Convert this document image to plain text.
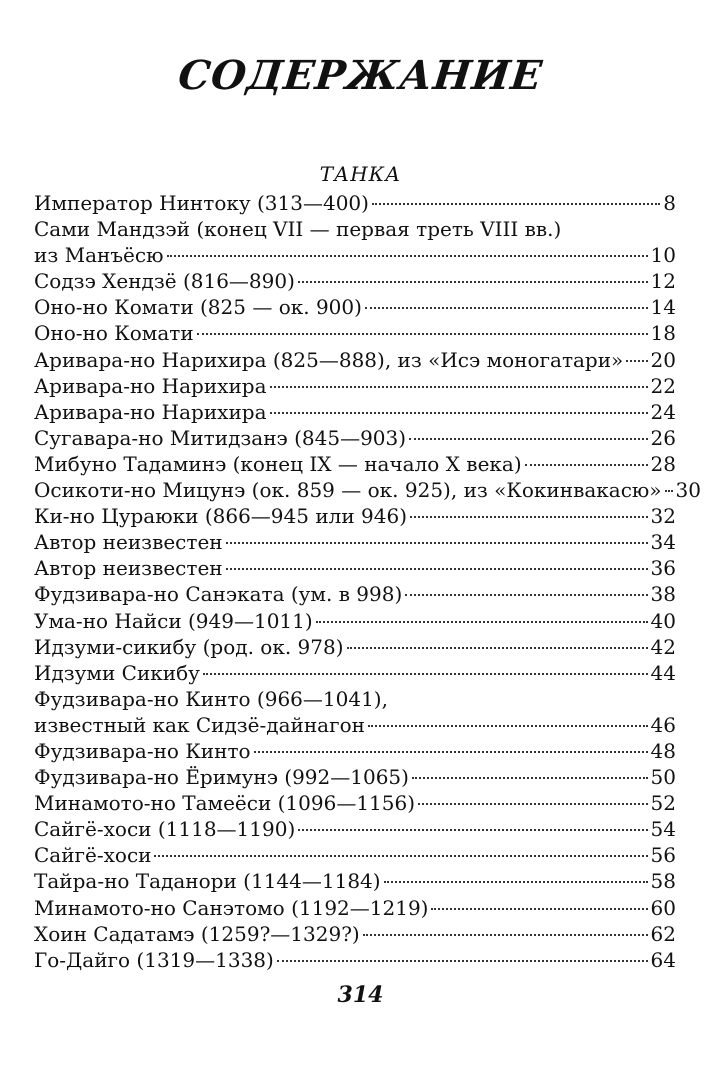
СОДЕРЖАНИЕ
ТАНКА
Император Нинтоку (313—400)	8
Сами Мандзэй (конец VII — первая треть VIII вв.)
из Манъёсю	10
Содзэ Хендзё (816—890)	12
Оно-но Комати (825 — ок. 900)	14
Оно-но Комати	18
Аривара-но Нарихира (825—888), из «Исэ моногатари» 20
Аривара-но Нарихира	22
Аривара-но Нарихира	24
Сугавара-но Митидзанэ (845—903)	26
Мибуно Тадаминэ (конец IX — начало X века)	28
Осикоти-но Мицунэ (ок. 859 — ок. 925), из «Кокинвакасю» 30
Ки-но Цураюки (866—945 или 946)	32
Автор неизвестен	34
Автор неизвестен	36
Фудзивара-но Санэката (ум. в 998)	38
Ума-но Найси (949—1011)	40
Идзуми-сикибу (род. ок. 978)	42
Идзуми Сикибу	44
Фудзивара-но Кинто (966—1041),
известный как Сидзё-дайнагон	46
Фудзивара-но Кинто	48
Фудзивара-но Ёримунэ (992—1065)	50
Минамото-но Тамеёси (1096—1156)	52
Сайгё-хоси (1118—1190)	54
Сайгё-хоси	56
Тайра-но Таданори (1144—1184)	58
Минамото-но Санэтомо (1192—1219)	60
Хоин Садатамэ (1259?—1329?)	62
Го-Дайго (1319—1338)	64
314
